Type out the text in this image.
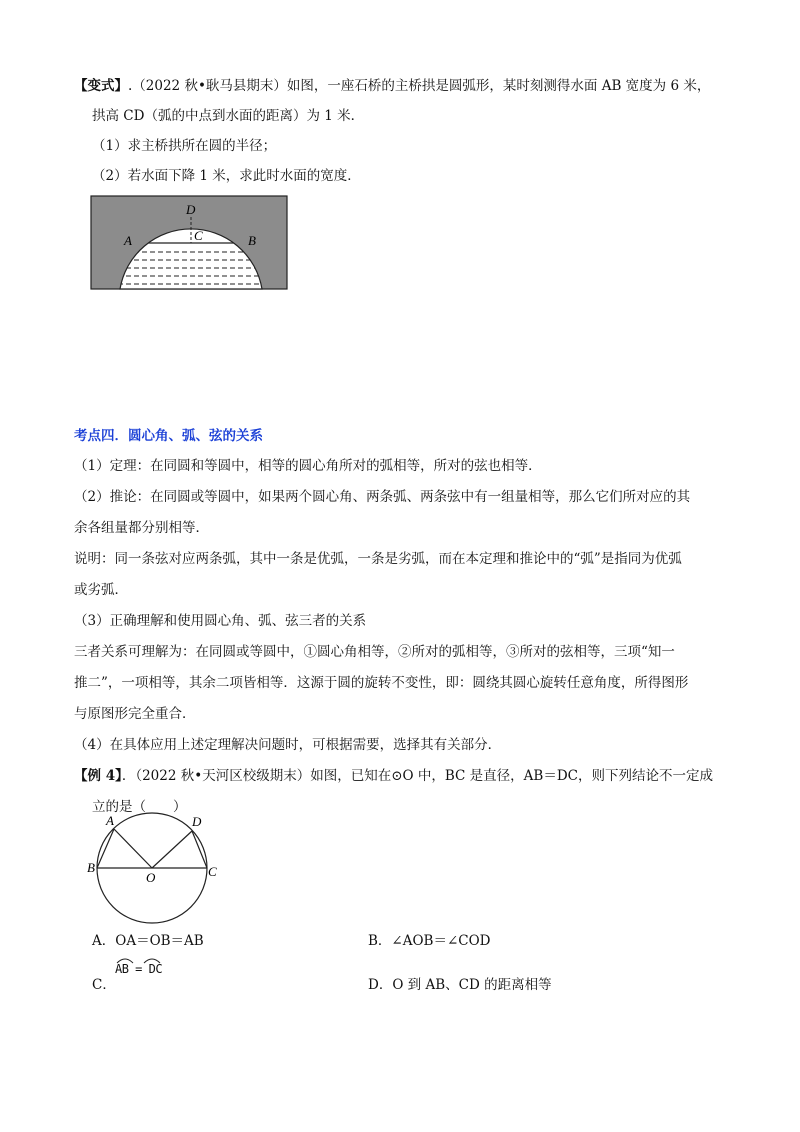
【变式】.（2022 秋•耿马县期末）如图，一座石桥的主桥拱是圆弧形，某时刻测得水面 AB 宽度为 6 米，
拱高 CD（弧的中点到水面的距离）为 1 米．
（1）求主桥拱所在圆的半径；
（2）若水面下降 1 米，求此时水面的宽度．
D
C
A	B
考点四．圆心角、弧、弦的关系
（1）定理：在同圆和等圆中，相等的圆心角所对的弧相等，所对的弦也相等．
（2）推论：在同圆或等圆中，如果两个圆心角、两条弧、两条弦中有一组量相等，那么它们所对应的其
余各组量都分别相等．
说明：同一条弦对应两条弧，其中一条是优弧，一条是劣弧，而在本定理和推论中的“弧”是指同为优弧
或劣弧．
（3）正确理解和使用圆心角、弧、弦三者的关系
三者关系可理解为：在同圆或等圆中，①圆心角相等，②所对的弧相等，③所对的弦相等，三项“知一
推二”，一项相等，其余二项皆相等．这源于圆的旋转不变性，即：圆绕其圆心旋转任意角度，所得图形
与原图形完全重合．
（4）在具体应用上述定理解决问题时，可根据需要，选择其有关部分．
【例 4】．（2022 秋•天河区校级期末）如图，已知在⊙O 中，BC 是直径，AB＝DC，则下列结论不一定成
立的是（　　）
A	D
B
O	C
A．OA＝OB＝AB	B．∠AOB＝∠COD
C．
AB = DC
D．O 到 AB、CD 的距离相等
